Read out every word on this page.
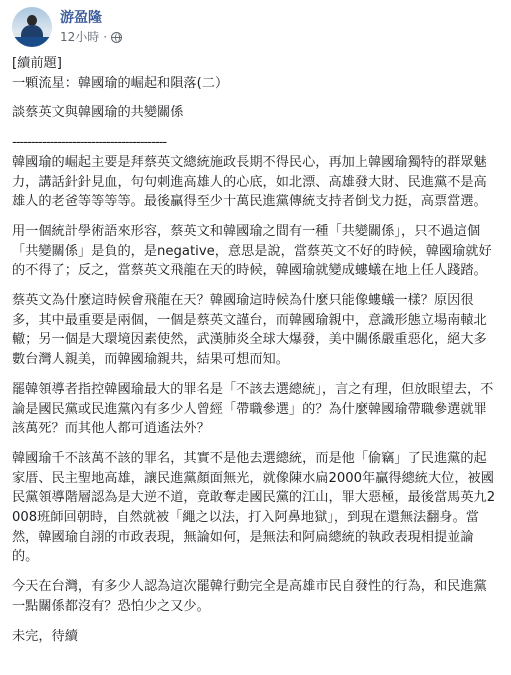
游盈隆
12小時 ·
[續前題]
一顆流星：韓國瑜的崛起和隕落(二）

談蔡英文與韓國瑜的共變關係

-----------------------------------------

韓國瑜的崛起主要是拜蔡英文總統施政長期不得民心，再加上韓國瑜獨特的群眾魅力，講話針針見血，句句刺進高雄人的心底，如北漂、高雄發大財、民進黨不是高雄人的老爸等等等等。最後贏得至少十萬民進黨傳統支持者倒戈力挺，高票當選。

用一個統計學術語來形容，蔡英文和韓國瑜之間有一種「共變關係」，只不過這個「共變關係」是負的，是negative，意思是說，當蔡英文不好的時候，韓國瑜就好的不得了；反之，當蔡英文飛龍在天的時候，韓國瑜就變成螻蟻在地上任人踐踏。

蔡英文為什麼這時候會飛龍在天？韓國瑜這時候為什麼只能像螻蟻一樣？原因很多，其中最重要是兩個，一個是蔡英文謹台，而韓國瑜親中，意識形態立場南轅北轍；另一個是大環境因素使然，武漢肺炎全球大爆發，美中關係嚴重惡化，絕大多數台灣人親美，而韓國瑜親共，結果可想而知。

罷韓領導者指控韓國瑜最大的罪名是「不該去選總統」，言之有理，但放眼望去，不論是國民黨或民進黨內有多少人曾經「帶職參選」的？為什麼韓國瑜帶職參選就罪該萬死？而其他人都可逍遙法外？

韓國瑜千不該萬不該的罪名，其實不是他去選總統，而是他「偷竊」了民進黨的起家厝、民主聖地高雄，讓民進黨顏面無光，就像陳水扁2000年贏得總統大位，被國民黨領導階層認為是大逆不道，竟敢奪走國民黨的江山，罪大惡極，最後當馬英九2008班師回朝時，自然就被「繩之以法，打入阿鼻地獄」，到現在還無法翻身。當然，韓國瑜自詡的市政表現，無論如何，是無法和阿扁總統的執政表現相提並論的。

今天在台灣，有多少人認為這次罷韓行動完全是高雄市民自發性的行為，和民進黨一點關係都沒有？恐怕少之又少。

未完，待續
